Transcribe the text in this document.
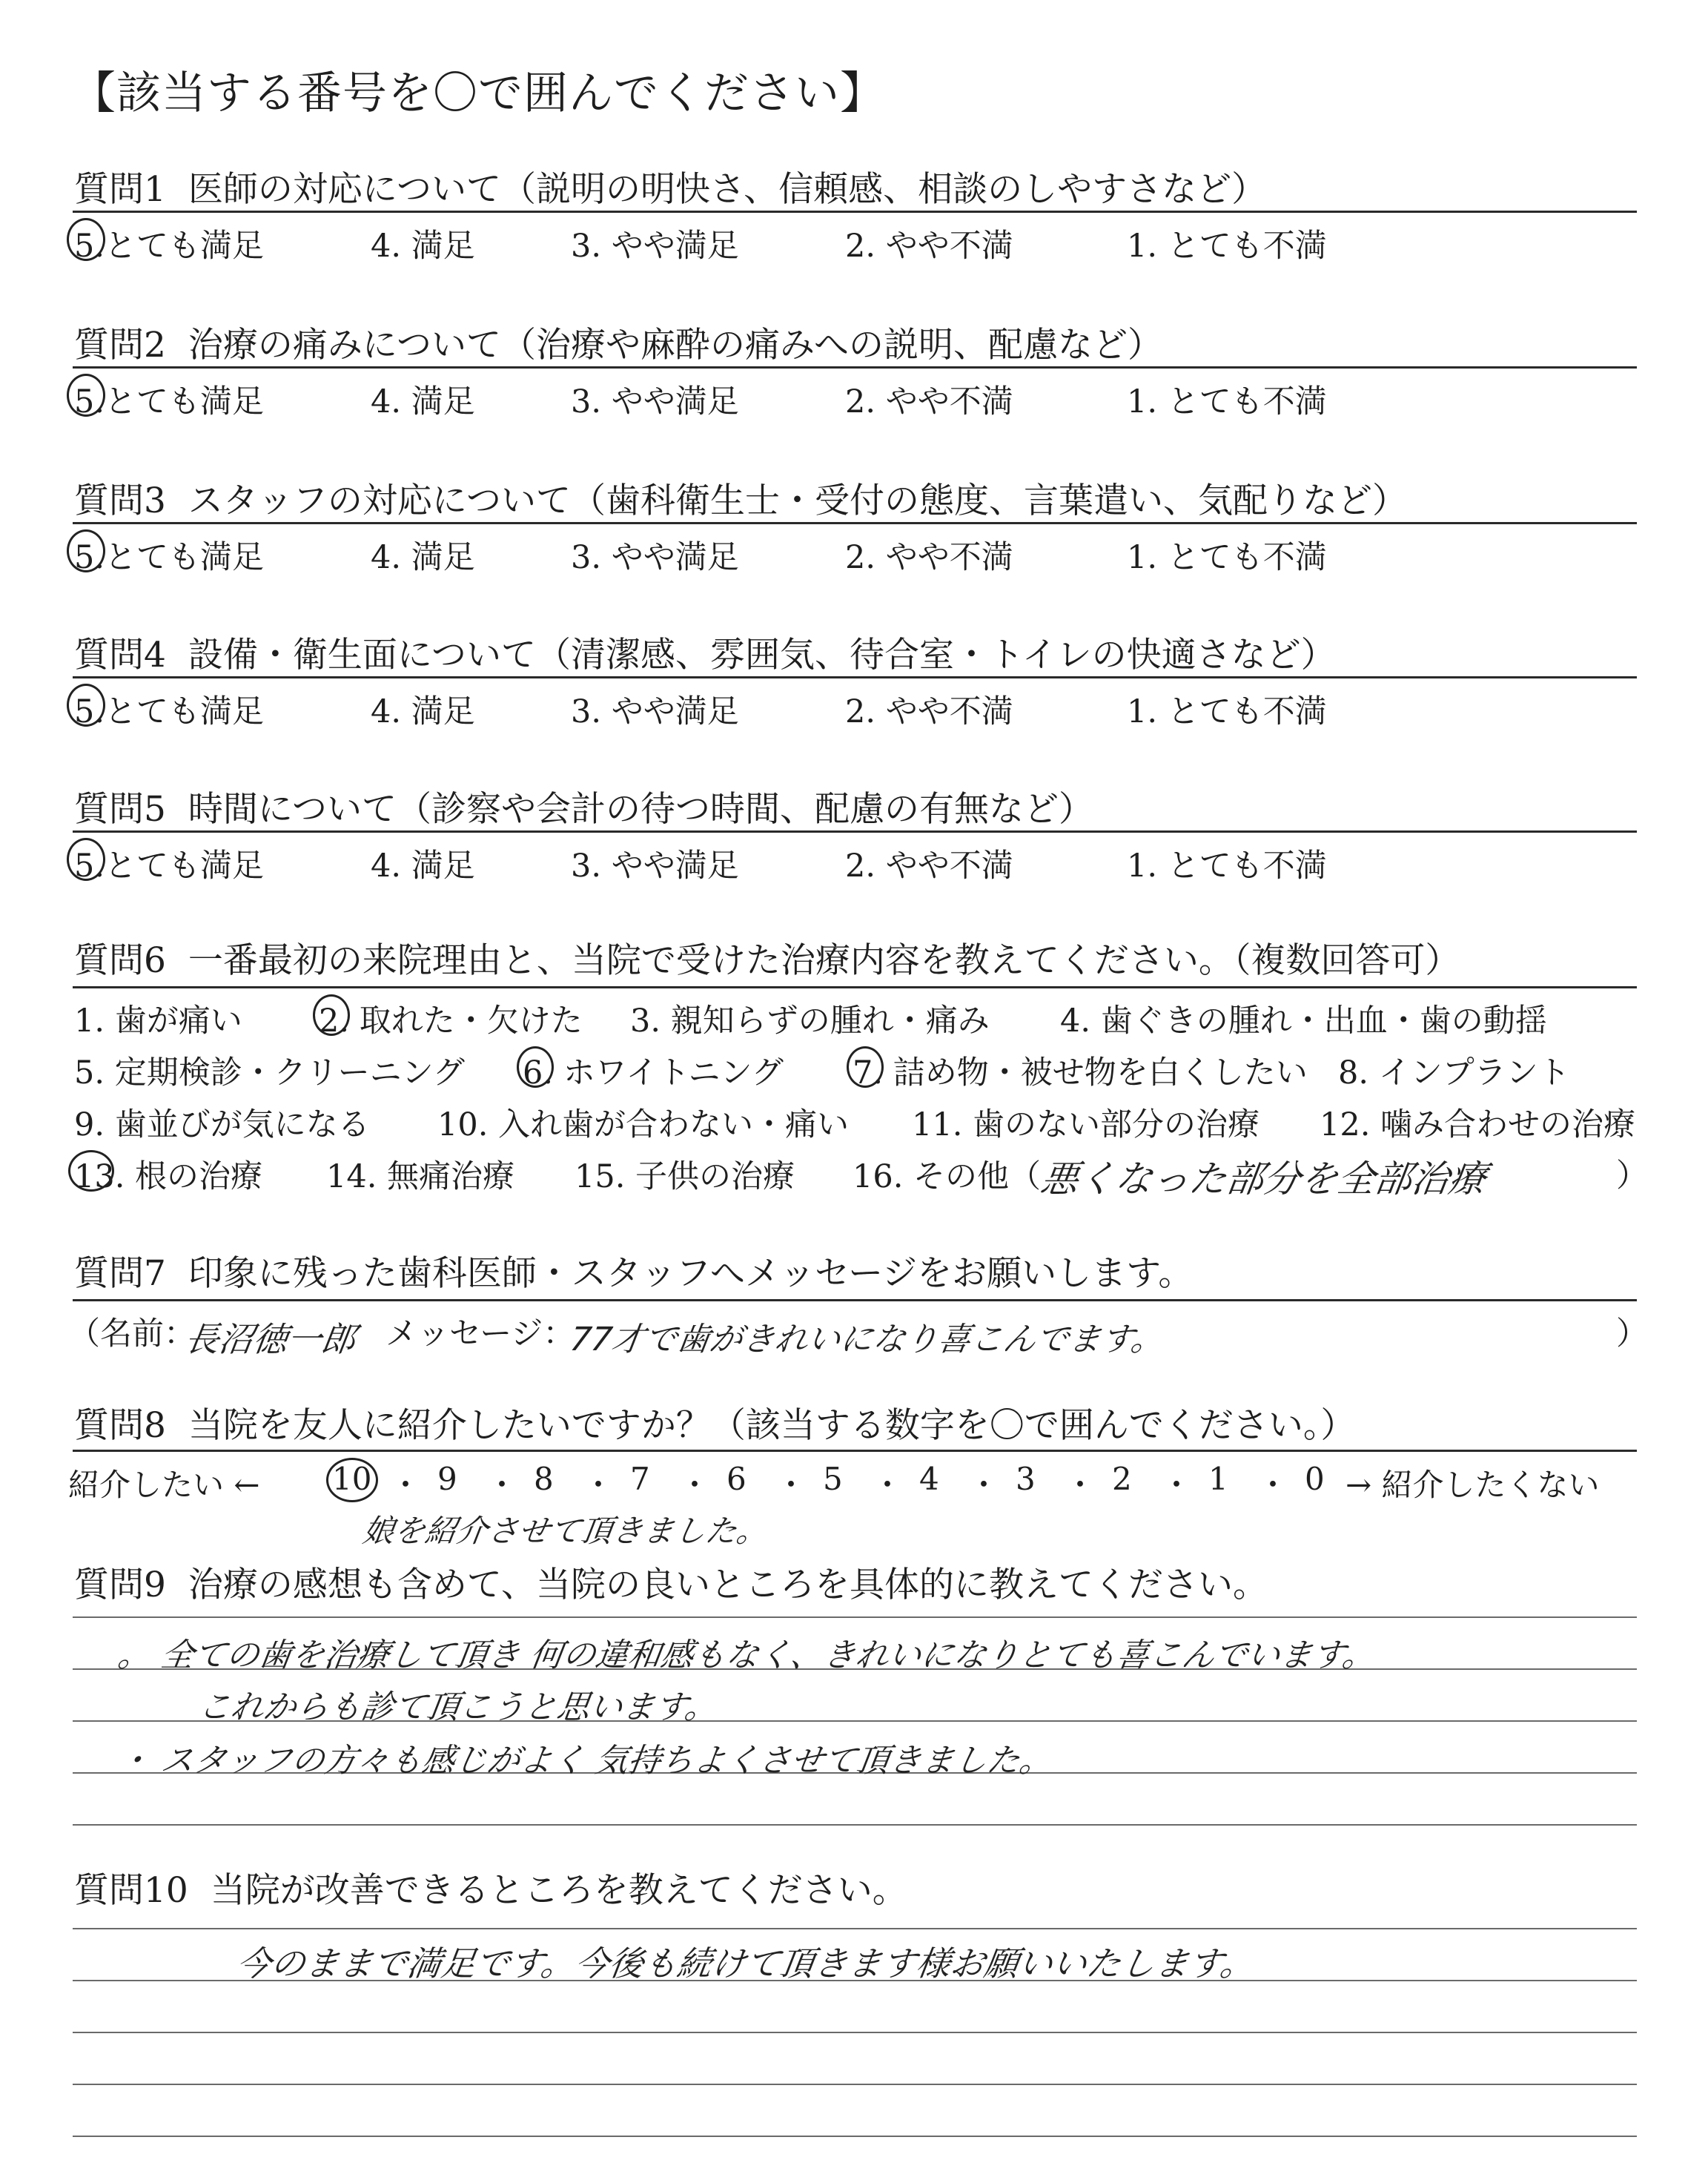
【該当する番号を〇で囲んでください】
質問1 医師の対応について（説明の明快さ、信頼感、相談のしやすさなど）
5.とても満足	4. 満足	3. やや満足	2. やや不満	1. とても不満
質問2 治療の痛みについて（治療や麻酔の痛みへの説明、配慮など）
5.とても満足	4. 満足	3. やや満足	2. やや不満	1. とても不満
質問3 スタッフの対応について（歯科衛生士・受付の態度、言葉遣い、気配りなど）
5.とても満足	4. 満足	3. やや満足	2. やや不満	1. とても不満
質問4 設備・衛生面について（清潔感、雰囲気、待合室・トイレの快適さなど）
5.とても満足	4. 満足	3. やや満足	2. やや不満	1. とても不満
質問5 時間について（診察や会計の待つ時間、配慮の有無など）
5.とても満足	4. 満足	3. やや満足	2. やや不満	1. とても不満
質問6 一番最初の来院理由と、当院で受けた治療内容を教えてください。（複数回答可）
1. 歯が痛い 2. 取れた・欠けた 3. 親知らずの腫れ・痛み 4. 歯ぐきの腫れ・出血・歯の動揺
5. 定期検診・クリーニング 6. ホワイトニング 7. 詰め物・被せ物を白くしたい 8. インプラント
9. 歯並びが気になる 10. 入れ歯が合わない・痛い 11. 歯のない部分の治療 12. 噛み合わせの治療
13. 根の治療 14. 無痛治療 15. 子供の治療 16. その他（
悪くなった部分を全部治療	）
質問7 印象に残った歯科医師・スタッフへメッセージをお願いします。
（名前：
長沼徳一郎 メッセージ：
77才で歯がきれいになり喜こんでます。	）
質問8 当院を友人に紹介したいですか？（該当する数字を〇で囲んでください。）
紹介したい ← 10 ・ 9 ・ 8 ・ 7 ・ 6 ・ 5 ・ 4 ・ 3 ・ 2 ・ 1 ・ 0 → 紹介したくない
娘を紹介させて頂きました。
質問9 治療の感想も含めて、当院の良いところを具体的に教えてください。
。 全ての歯を治療して頂き 何の違和感もなく、きれいになりとても喜こんでいます。
これからも診て頂こうと思います。
・ スタッフの方々も感じがよく 気持ちよくさせて頂きました。
質問10 当院が改善できるところを教えてください。
今のままで満足です。今後も続けて頂きます様お願いいたします。
